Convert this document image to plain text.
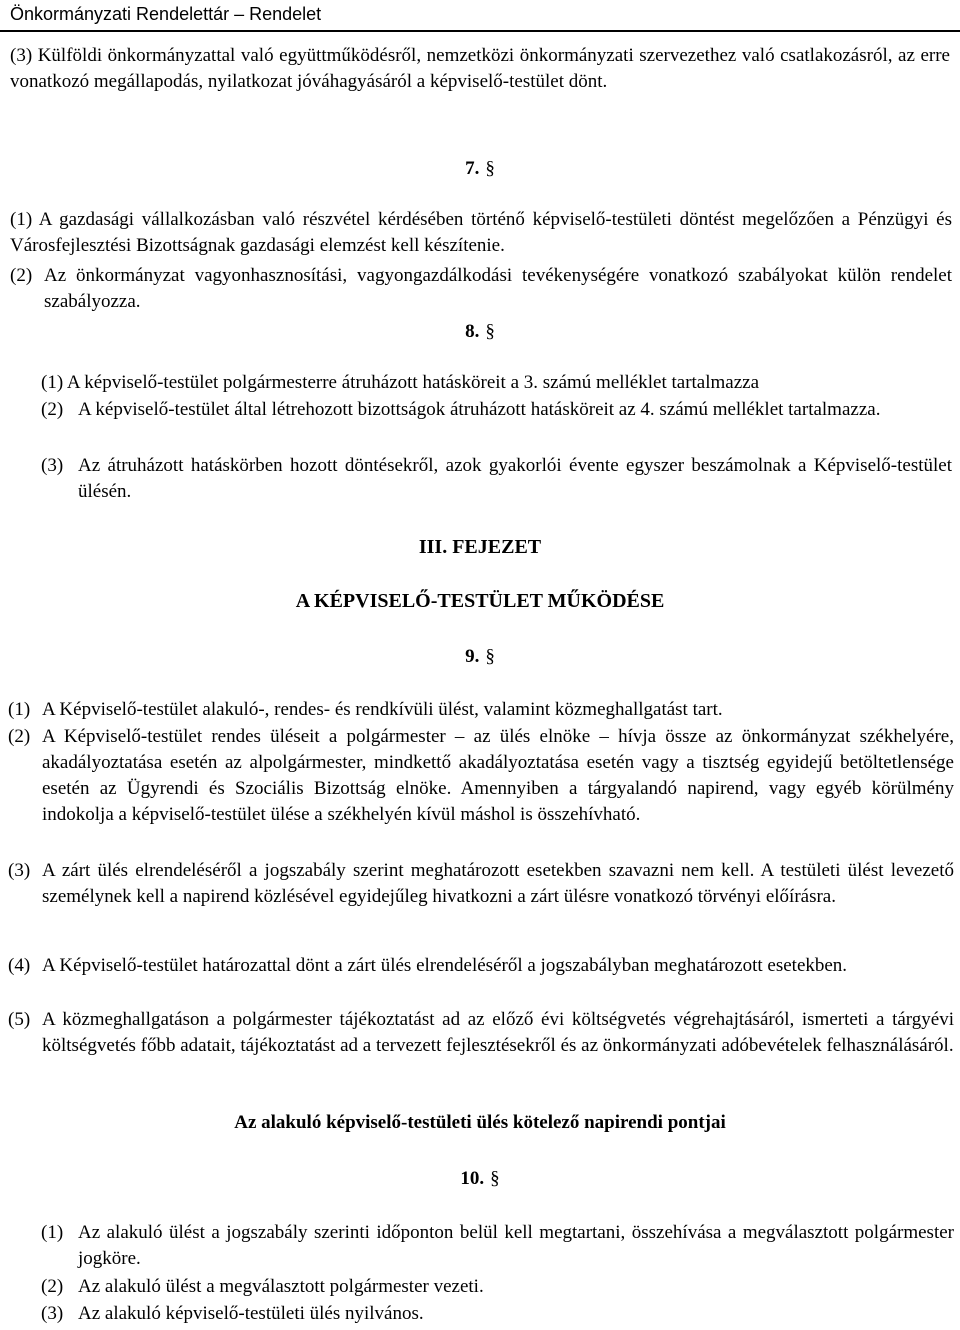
Önkormányzati Rendelettár – Rendelet
(3) Külföldi önkormányzattal való együttműködésről, nemzetközi önkormányzati szervezethez való csatlakozásról, az erre vonatkozó megállapodás, nyilatkozat jóváhagyásáról a képviselő-testület dönt.
7. §
(1) A gazdasági vállalkozásban való részvétel kérdésében történő képviselő-testületi döntést megelőzően a Pénzügyi és Városfejlesztési Bizottságnak gazdasági elemzést kell készítenie.
(2) Az önkormányzat vagyonhasznosítási, vagyongazdálkodási tevékenységére vonatkozó szabályokat külön rendelet szabályozza.
8. §
(1) A képviselő-testület polgármesterre átruházott hatásköreit a 3. számú melléklet tartalmazza
(2) A képviselő-testület által létrehozott bizottságok átruházott hatásköreit az 4. számú melléklet tartalmazza.
(3) Az átruházott hatáskörben hozott döntésekről, azok gyakorlói évente egyszer beszámolnak a Képviselő-testület ülésén.
III. FEJEZET
A KÉPVISELŐ-TESTÜLET MŰKÖDÉSE
9. §
(1) A Képviselő-testület alakuló-, rendes- és rendkívüli ülést, valamint közmeghallgatást tart.
(2) A Képviselő-testület rendes üléseit a polgármester – az ülés elnöke – hívja össze az önkormányzat székhelyére, akadályoztatása esetén az alpolgármester, mindkettő akadályoztatása esetén vagy a tisztség egyidejű betöltetlensége esetén az Ügyrendi és Szociális Bizottság elnöke. Amennyiben a tárgyalandó napirend, vagy egyéb körülmény indokolja a képviselő-testület ülése a székhelyén kívül máshol is összehívható.
(3) A zárt ülés elrendeléséről a jogszabály szerint meghatározott esetekben szavazni nem kell. A testületi ülést levezető személynek kell a napirend közlésével egyidejűleg hivatkozni a zárt ülésre vonatkozó törvényi előírásra.
(4) A Képviselő-testület határozattal dönt a zárt ülés elrendeléséről a jogszabályban meghatározott esetekben.
(5) A közmeghallgatáson a polgármester tájékoztatást ad az előző évi költségvetés végrehajtásáról, ismerteti a tárgyévi költségvetés főbb adatait, tájékoztatást ad a tervezett fejlesztésekről és az önkormányzati adóbevételek felhasználásáról.
Az alakuló képviselő-testületi ülés kötelező napirendi pontjai
10. §
(1) Az alakuló ülést a jogszabály szerinti időponton belül kell megtartani, összehívása a megválasztott polgármester jogköre.
(2) Az alakuló ülést a megválasztott polgármester vezeti.
(3) Az alakuló képviselő-testületi ülés nyilvános.
